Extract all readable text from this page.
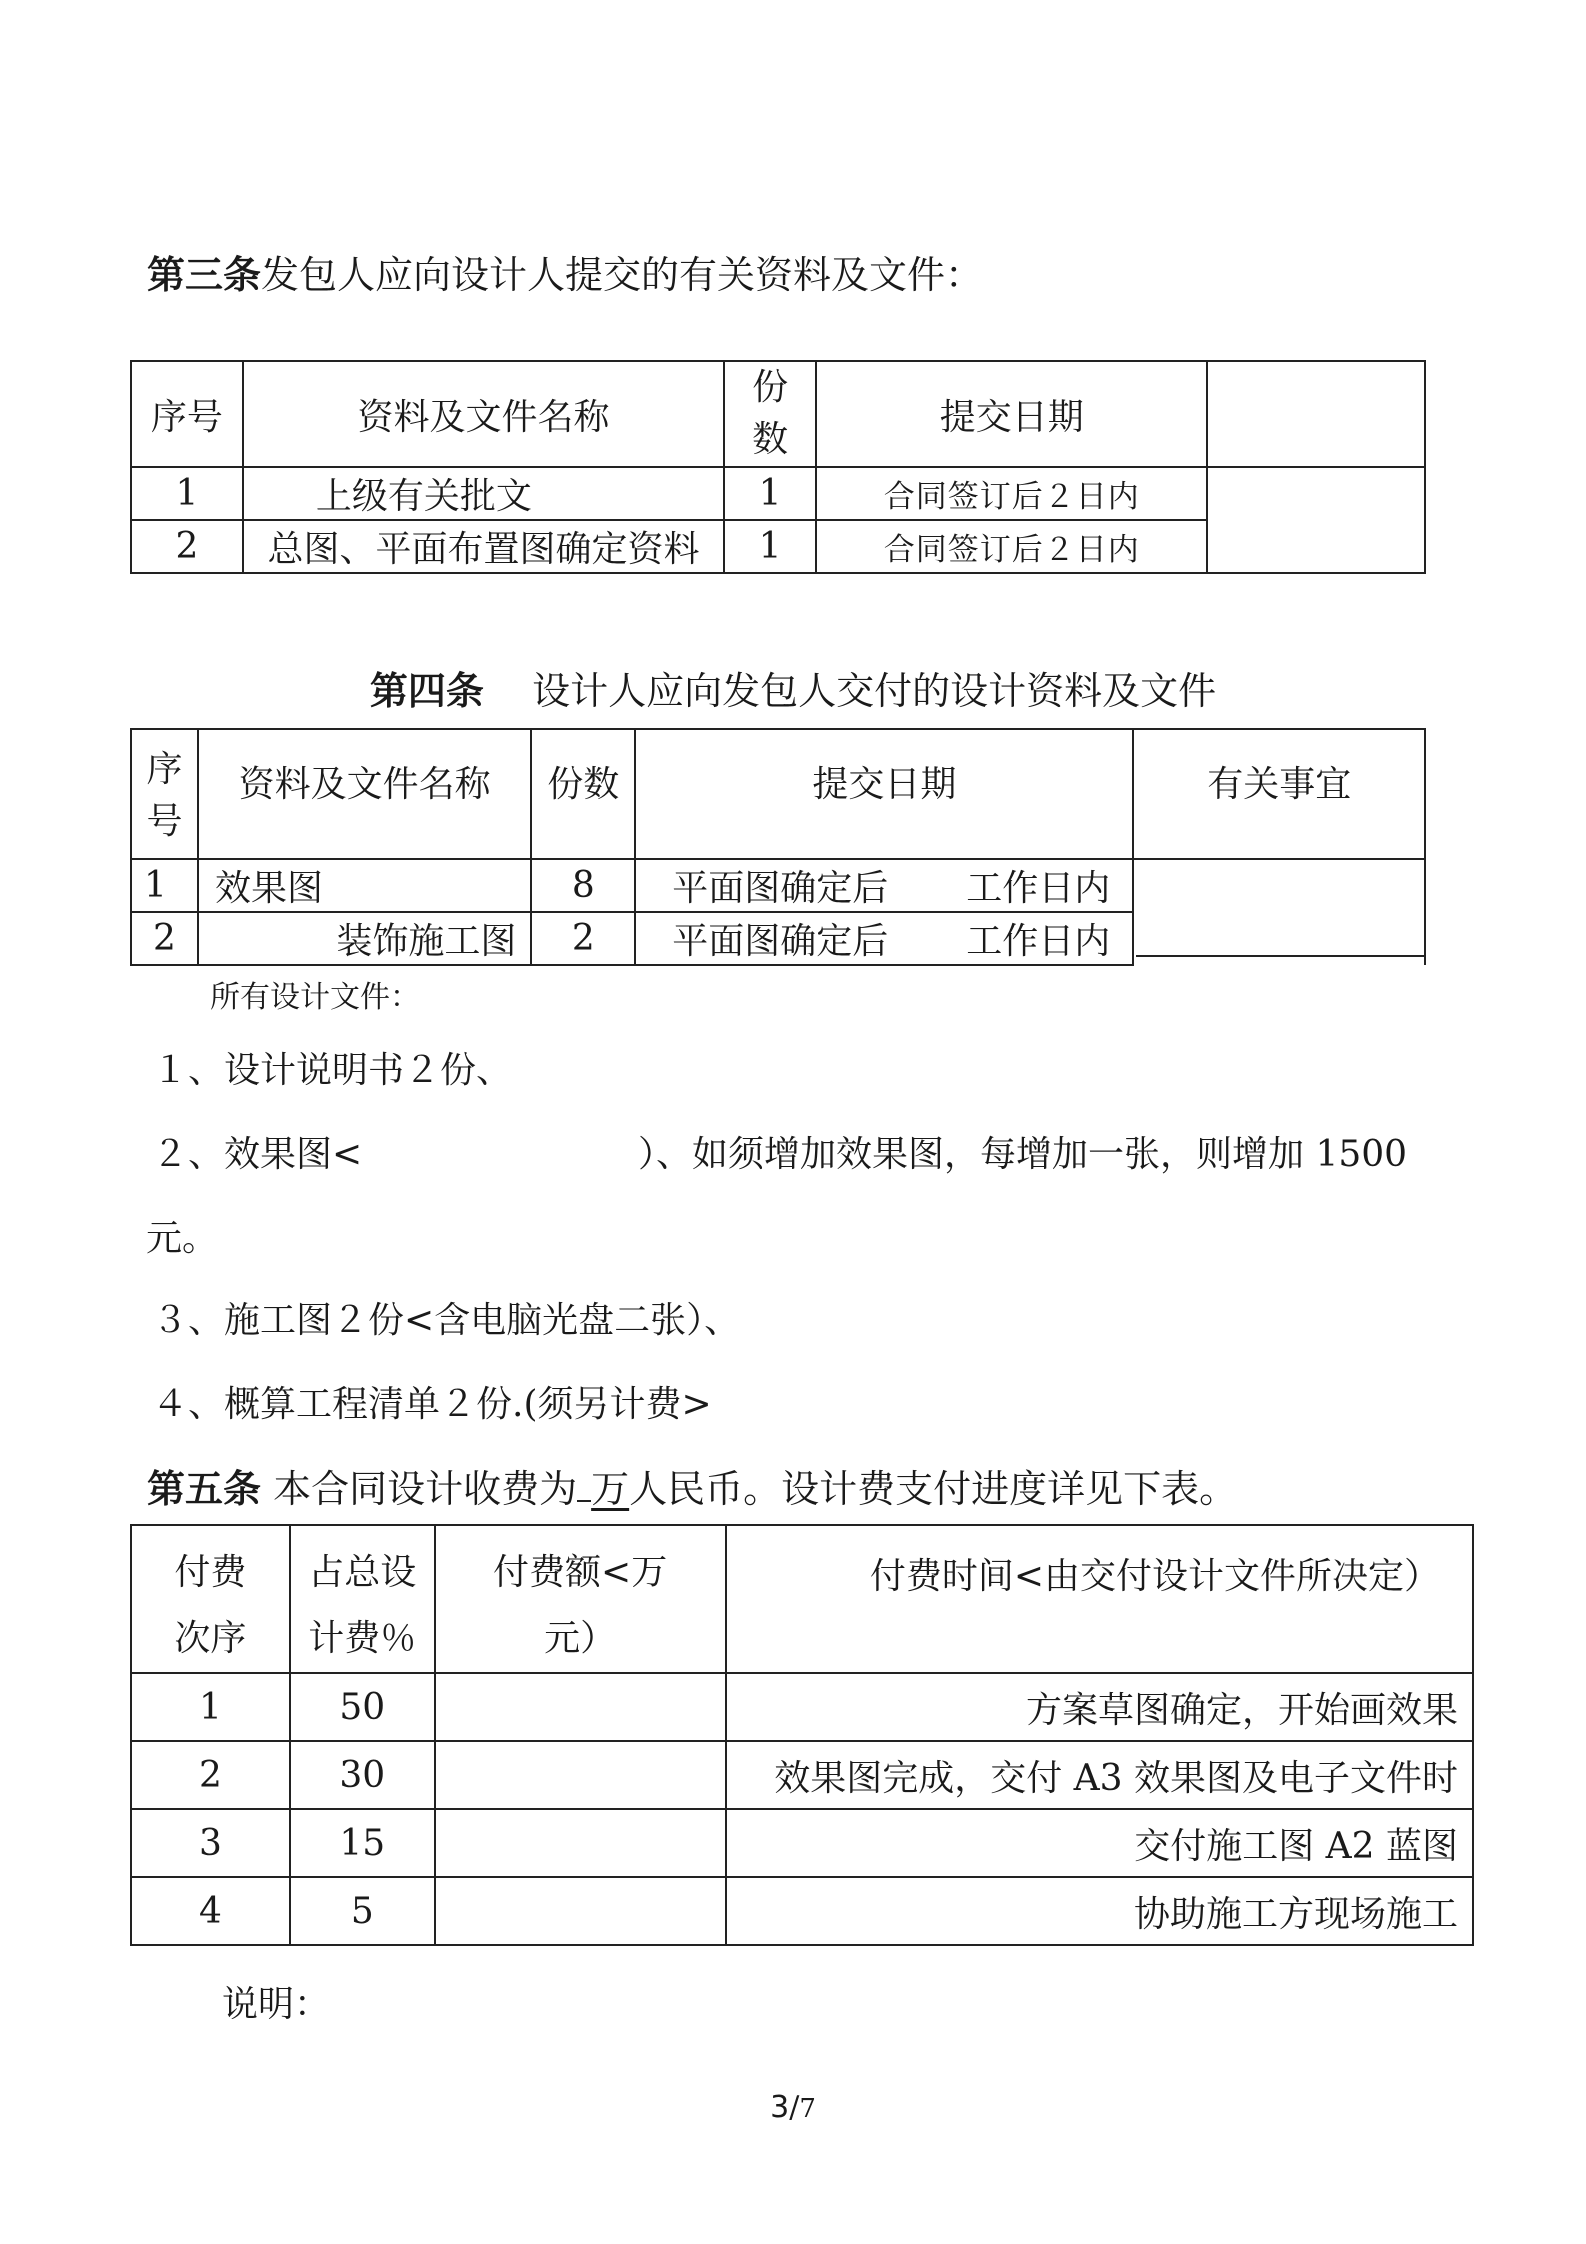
第三条发包人应向设计人提交的有关资料及文件：
序号	资料及文件名称	份数	提交日期	
1	上级有关批文	1	合同签订后２日内	
2	总图、平面布置图确定资料	1	合同签订后２日内	
第四条 设计人应向发包人交付的设计资料及文件
序号	资料及文件名称	份数	提交日期	有关事宜
1	效果图	8	平面图确定后 工作日内	
2	装饰施工图	2	平面图确定后 工作日内	
所有设计文件：
１、设计说明书２份、
２、效果图<	）、如须增加效果图，每增加一张，则增加 1500
元。
３、施工图２份<含电脑光盘二张）、
４、概算工程清单２份.(须另计费>
第五条 本合同设计收费为 万人民币。设计费支付进度详见下表。
付费次序	占总设计费％	付费额<万元）	付费时间<由交付设计文件所决定）
1	50		方案草图确定，开始画效果
2	30		效果图完成，交付 A3 效果图及电子文件时
3	15		交付施工图 A2 蓝图
4	5		协助施工方现场施工
说明：
3/7
